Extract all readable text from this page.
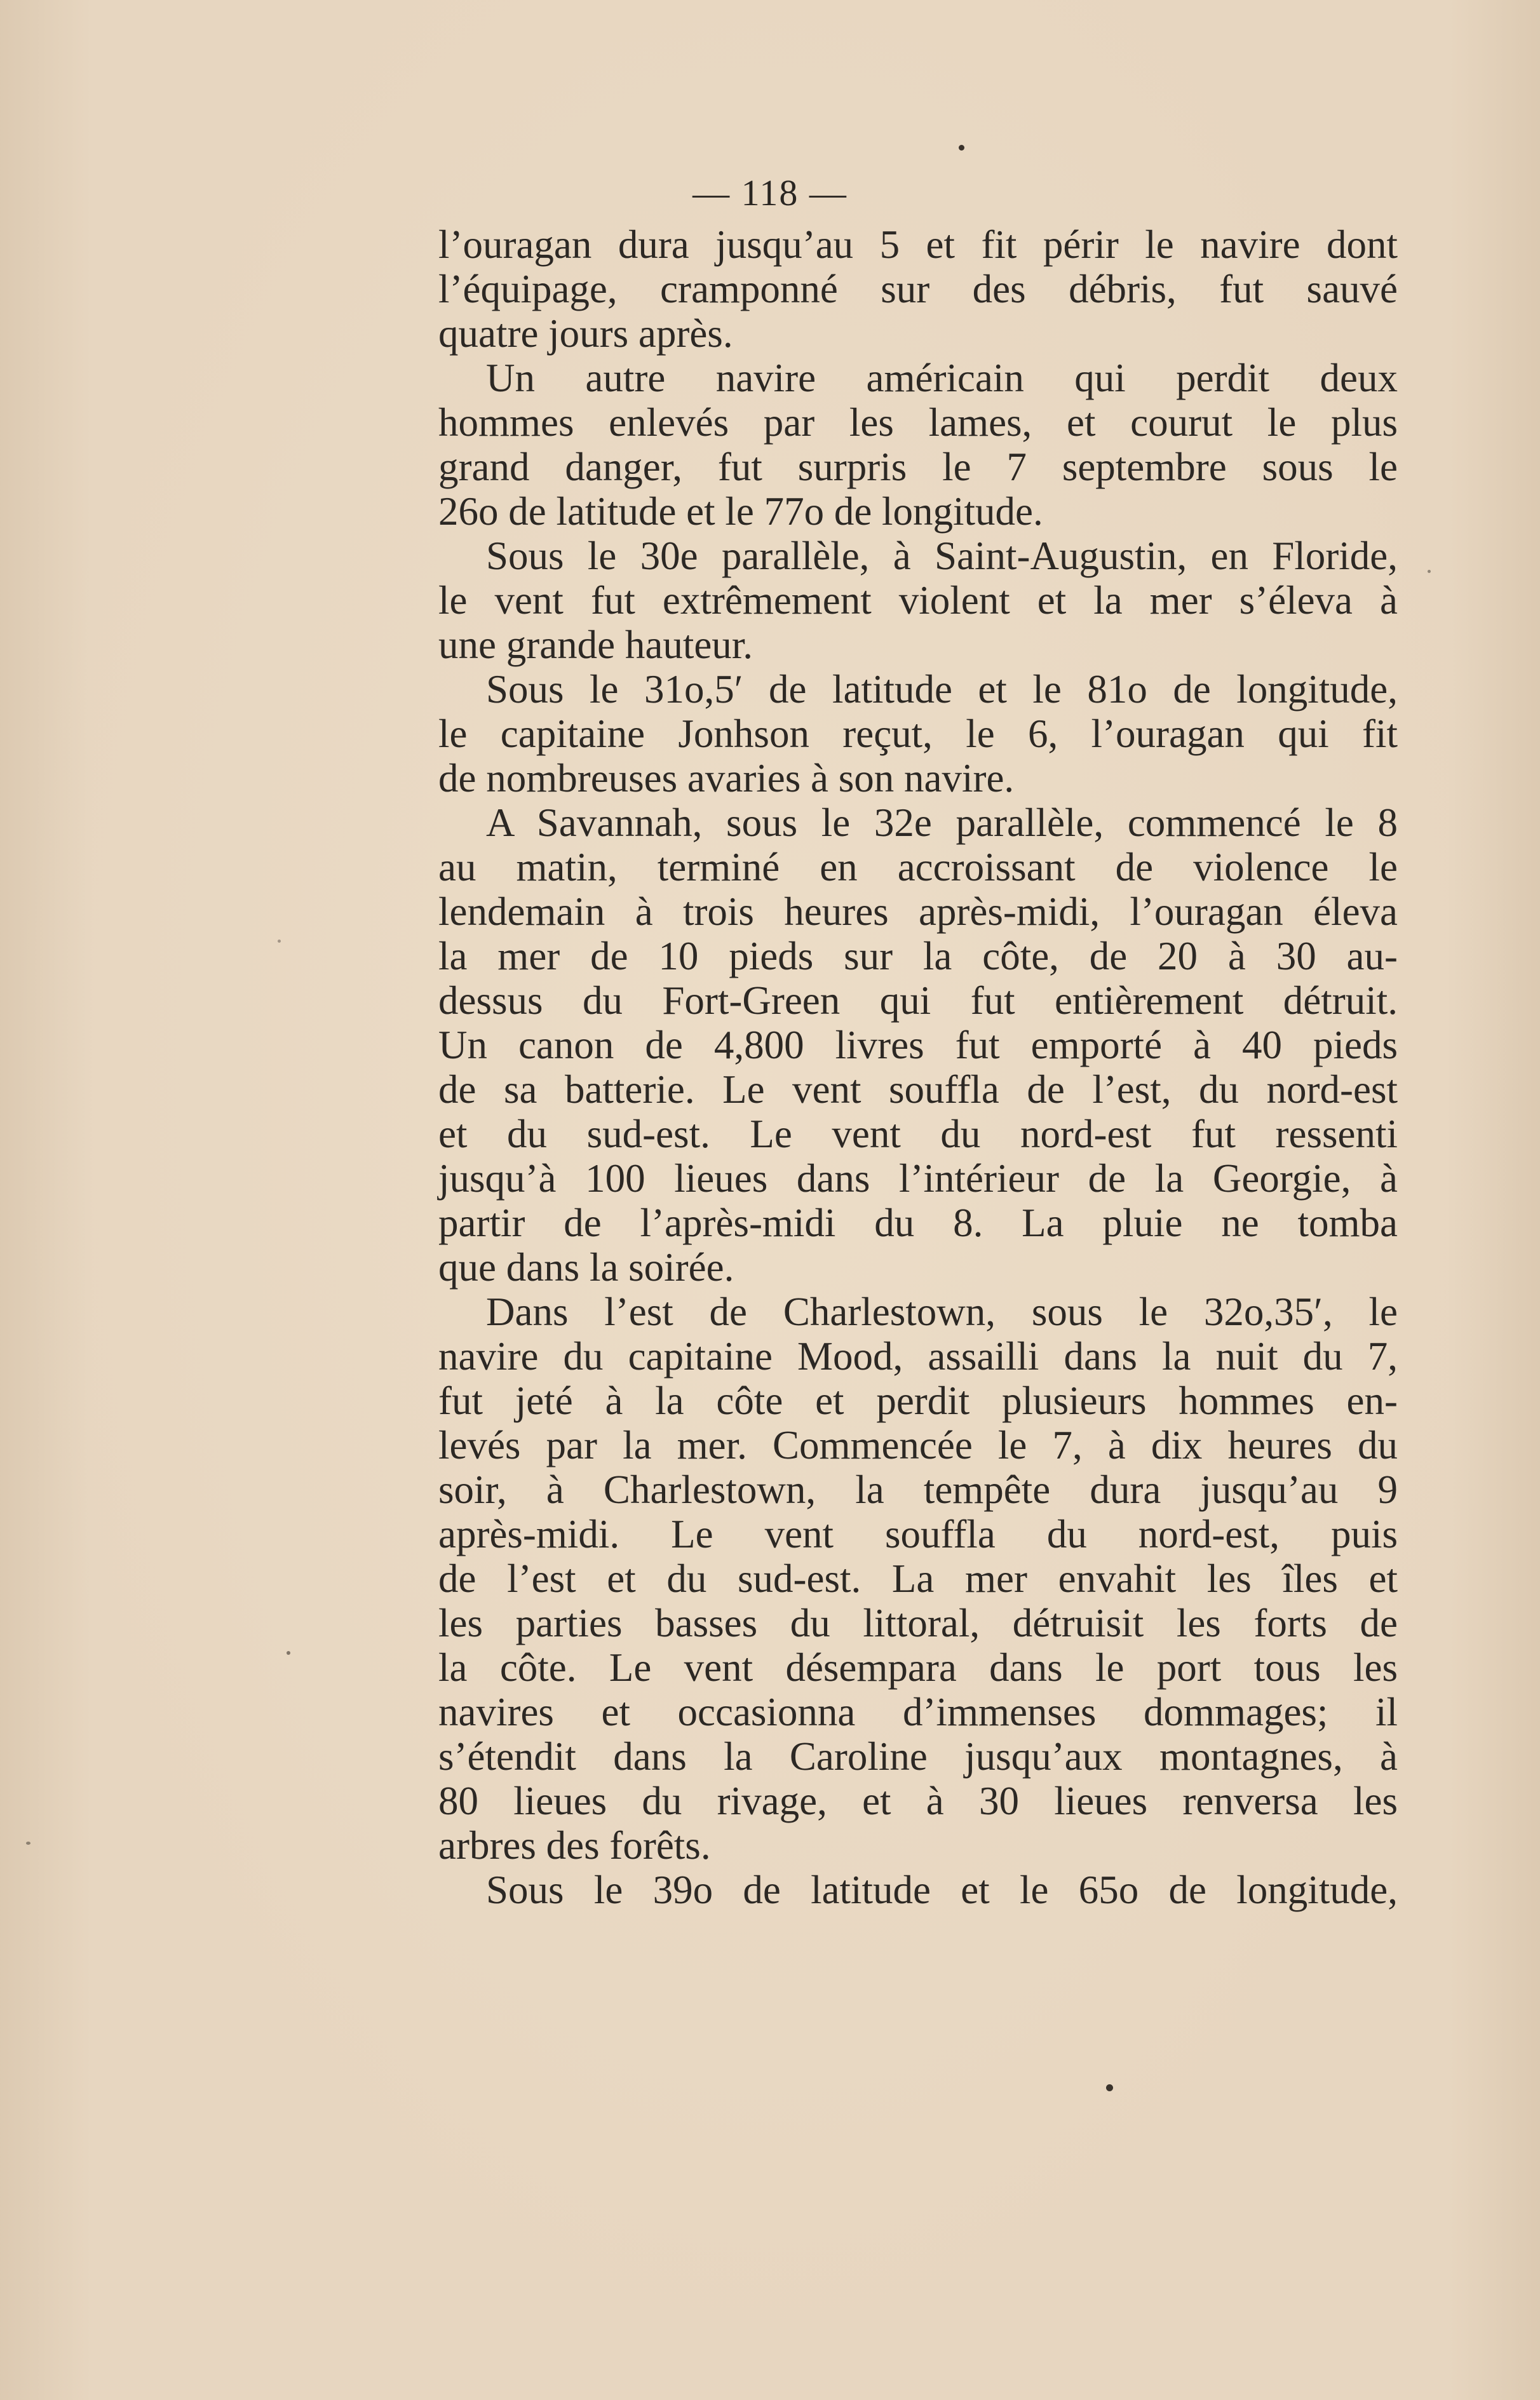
— 118 —
l’ouragan dura jusqu’au 5 et fit périr le navire dont
l’équipage, cramponné sur des débris, fut sauvé
quatre jours après.
Un autre navire américain qui perdit deux
hommes enlevés par les lames, et courut le plus
grand danger, fut surpris le 7 septembre sous le
26o de latitude et le 77o de longitude.
Sous le 30e parallèle, à Saint-Augustin, en Floride,
le vent fut extrêmement violent et la mer s’éleva à
une grande hauteur.
Sous le 31o,5′ de latitude et le 81o de longitude,
le capitaine Jonhson reçut, le 6, l’ouragan qui fit
de nombreuses avaries à son navire.
A Savannah, sous le 32e parallèle, commencé le 8
au matin, terminé en accroissant de violence le
lendemain à trois heures après-midi, l’ouragan éleva
la mer de 10 pieds sur la côte, de 20 à 30 au-
dessus du Fort-Green qui fut entièrement détruit.
Un canon de 4,800 livres fut emporté à 40 pieds
de sa batterie. Le vent souffla de l’est, du nord-est
et du sud-est. Le vent du nord-est fut ressenti
jusqu’à 100 lieues dans l’intérieur de la Georgie, à
partir de l’après-midi du 8. La pluie ne tomba
que dans la soirée.
Dans l’est de Charlestown, sous le 32o,35′, le
navire du capitaine Mood, assailli dans la nuit du 7,
fut jeté à la côte et perdit plusieurs hommes en-
levés par la mer. Commencée le 7, à dix heures du
soir, à Charlestown, la tempête dura jusqu’au 9
après-midi. Le vent souffla du nord-est, puis
de l’est et du sud-est. La mer envahit les îles et
les parties basses du littoral, détruisit les forts de
la côte. Le vent désempara dans le port tous les
navires et occasionna d’immenses dommages; il
s’étendit dans la Caroline jusqu’aux montagnes, à
80 lieues du rivage, et à 30 lieues renversa les
arbres des forêts.
Sous le 39o de latitude et le 65o de longitude,
